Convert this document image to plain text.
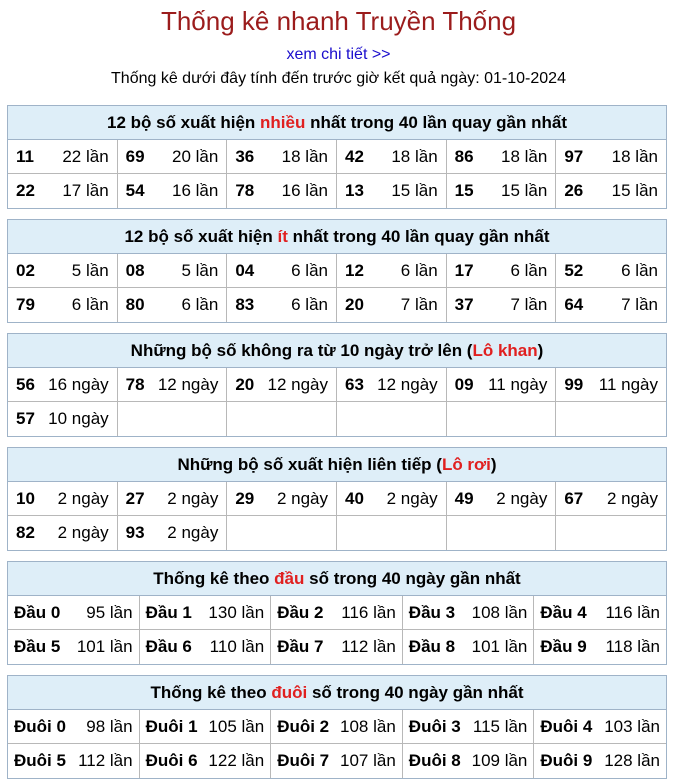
Thống kê nhanh Truyền Thống
xem chi tiết >>
Thống kê dưới đây tính đến trước giờ kết quả ngày: 01-10-2024
12 bộ số xuất hiện nhiều nhất trong 40 lần quay gần nhất
11 22 lần 69 20 lần 36 18 lần 42 18 lần 86 18 lần 97 18 lần
22 17 lần 54 16 lần 78 16 lần 13 15 lần 15 15 lần 26 15 lần
12 bộ số xuất hiện ít nhất trong 40 lần quay gần nhất
02 5 lần 08 5 lần 04 6 lần 12 6 lần 17 6 lần 52 6 lần
79 6 lần 80 6 lần 83 6 lần 20 7 lần 37 7 lần 64 7 lần
Những bộ số không ra từ 10 ngày trở lên (Lô khan)
56 16 ngày 78 12 ngày 20 12 ngày 63 12 ngày 09 11 ngày 99 11 ngày
57 10 ngày
Những bộ số xuất hiện liên tiếp (Lô rơi)
10 2 ngày 27 2 ngày 29 2 ngày 40 2 ngày 49 2 ngày 67 2 ngày
82 2 ngày 93 2 ngày
Thống kê theo đầu số trong 40 ngày gần nhất
Đầu 0 95 lần Đầu 1 130 lần Đầu 2 116 lần Đầu 3 108 lần Đầu 4 116 lần
Đầu 5 101 lần Đầu 6 110 lần Đầu 7 112 lần Đầu 8 101 lần Đầu 9 118 lần
Thống kê theo đuôi số trong 40 ngày gần nhất
Đuôi 0 98 lần Đuôi 1 105 lần Đuôi 2 108 lần Đuôi 3 115 lần Đuôi 4 103 lần
Đuôi 5 112 lần Đuôi 6 122 lần Đuôi 7 107 lần Đuôi 8 109 lần Đuôi 9 128 lần
